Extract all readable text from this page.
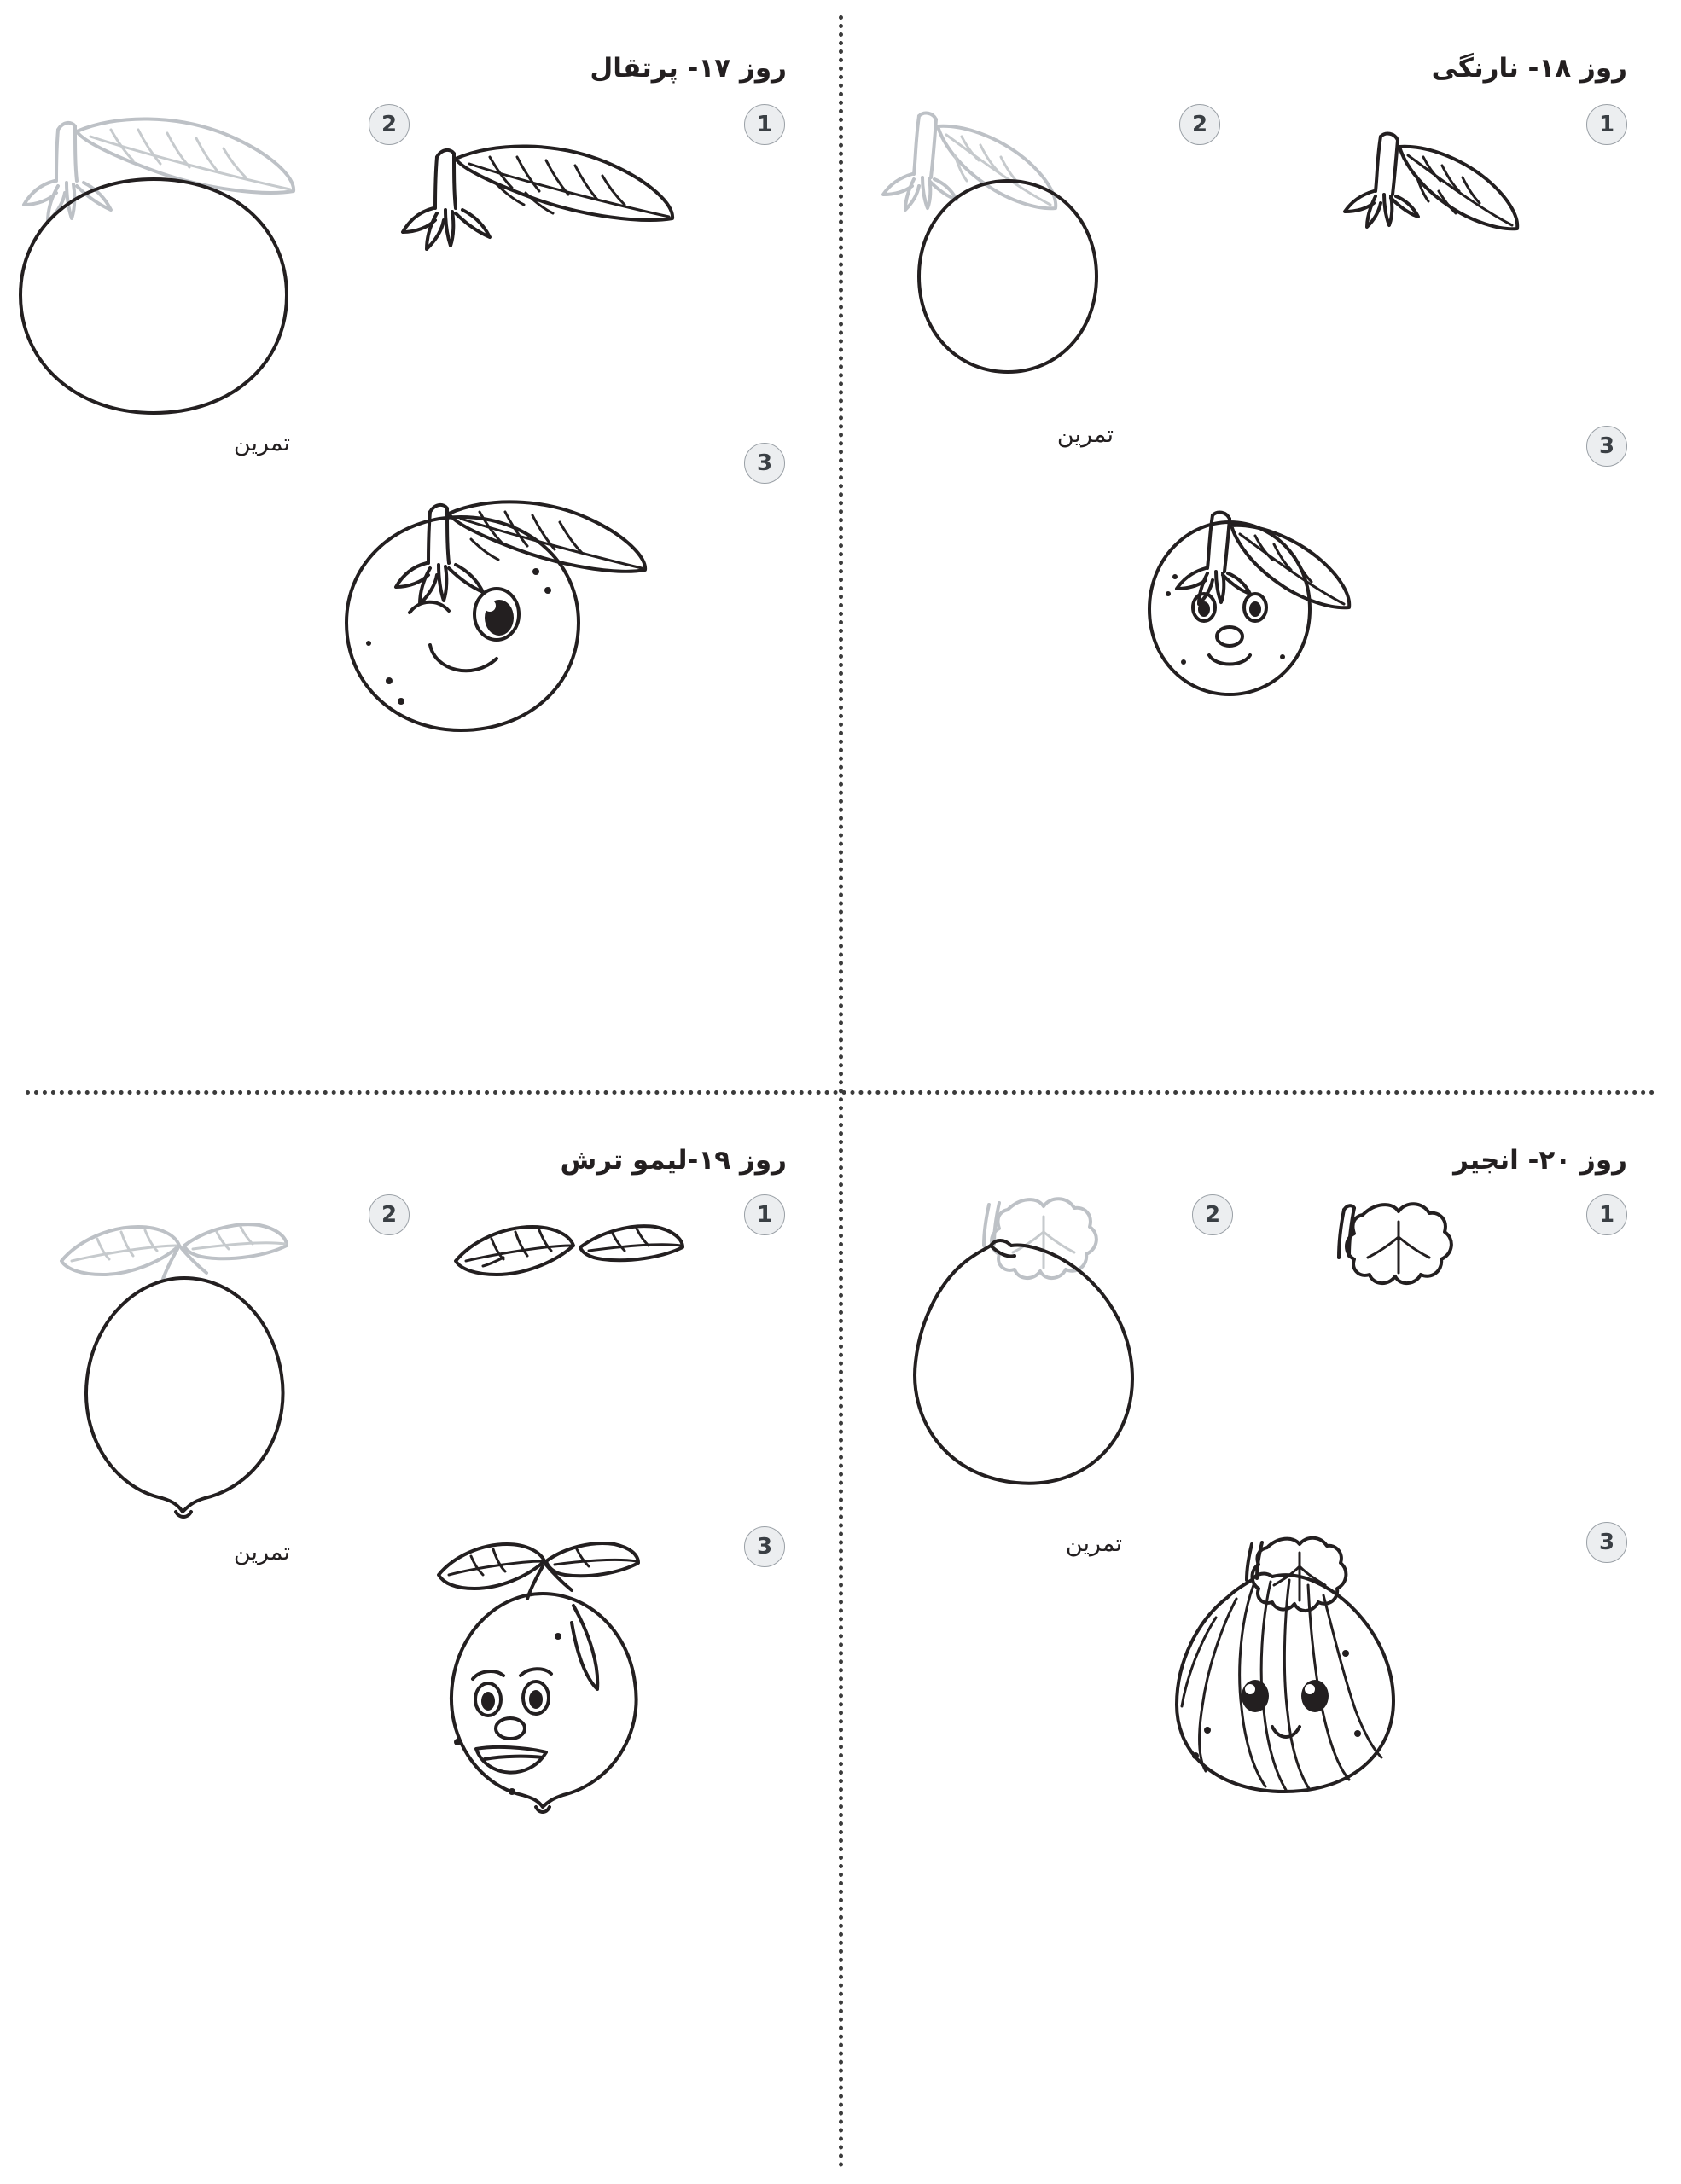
روز ۱۸- نارنگی
1
2
تمرین	3
روز ۱۷- پرتقال
1
2
تمرین
3
روز ۲۰- انجیر
1
2
تمرین	3
روز ۱۹-لیمو ترش
1
2
تمرین	3
